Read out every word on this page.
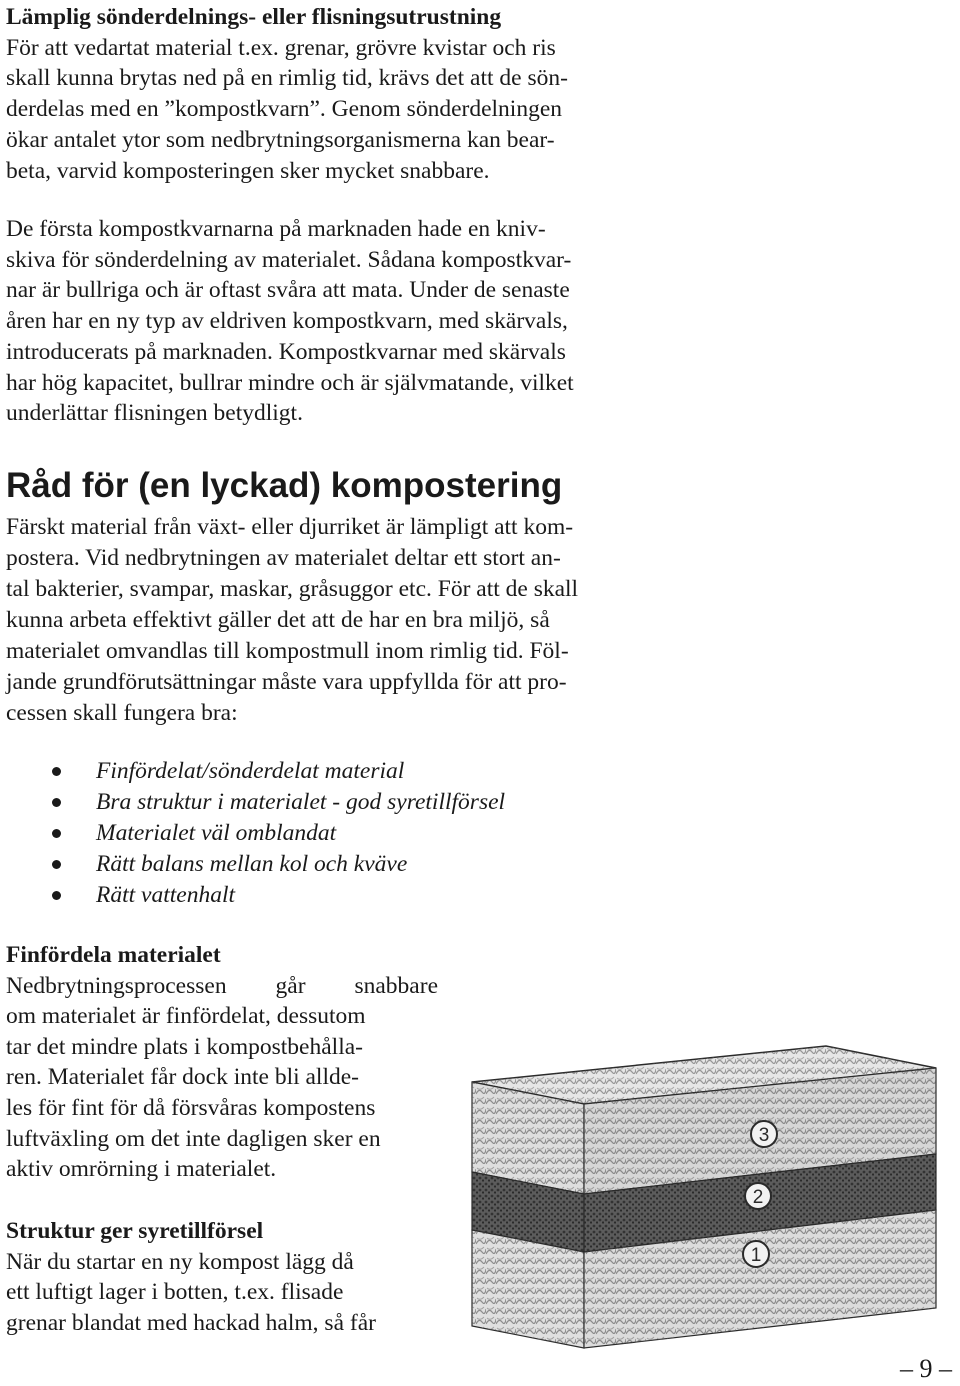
Lämplig sönderdelnings- eller flisningsutrustning
För att vedartat material t.ex. grenar, grövre kvistar och ris
skall kunna brytas ned på en rimlig tid, krävs det att de sön-
derdelas med en ”kompostkvarn”. Genom sönderdelningen
ökar antalet ytor som nedbrytningsorganismerna kan bear-
beta, varvid komposteringen sker mycket snabbare.
De första kompostkvarnarna på marknaden hade en kniv-
skiva för sönderdelning av materialet. Sådana kompostkvar-
nar är bullriga och är oftast svåra att mata. Under de senaste
åren har en ny typ av eldriven kompostkvarn, med skärvals,
introducerats på marknaden. Kompostkvarnar med skärvals
har hög kapacitet, bullrar mindre och är självmatande, vilket
underlättar flisningen betydligt.
Råd för (en lyckad) kompostering
Färskt material från växt- eller djurriket är lämpligt att kom-
postera. Vid nedbrytningen av materialet deltar ett stort an-
tal bakterier, svampar, maskar, gråsuggor etc. För att de skall
kunna arbeta effektivt gäller det att de har en bra miljö, så
materialet omvandlas till kompostmull inom rimlig tid. Föl-
jande grundförutsättningar måste vara uppfyllda för att pro-
cessen skall fungera bra:
Finfördelat/sönderdelat material
Bra struktur i materialet - god syretillförsel
Materialet väl omblandat
Rätt balans mellan kol och kväve
Rätt vattenhalt
Finfördela materialet
Nedbrytningsprocessen går snabbare
om materialet är finfördelat, dessutom
tar det mindre plats i kompostbehålla-
ren. Materialet får dock inte bli allde-
les för fint för då försvåras kompostens
luftväxling om det inte dagligen sker en
aktiv omrörning i materialet.
Struktur ger syretillförsel
När du startar en ny kompost lägg då
ett luftigt lager i botten, t.ex. flisade
grenar blandat med hackad halm, så får
3
2
1
– 9 –
